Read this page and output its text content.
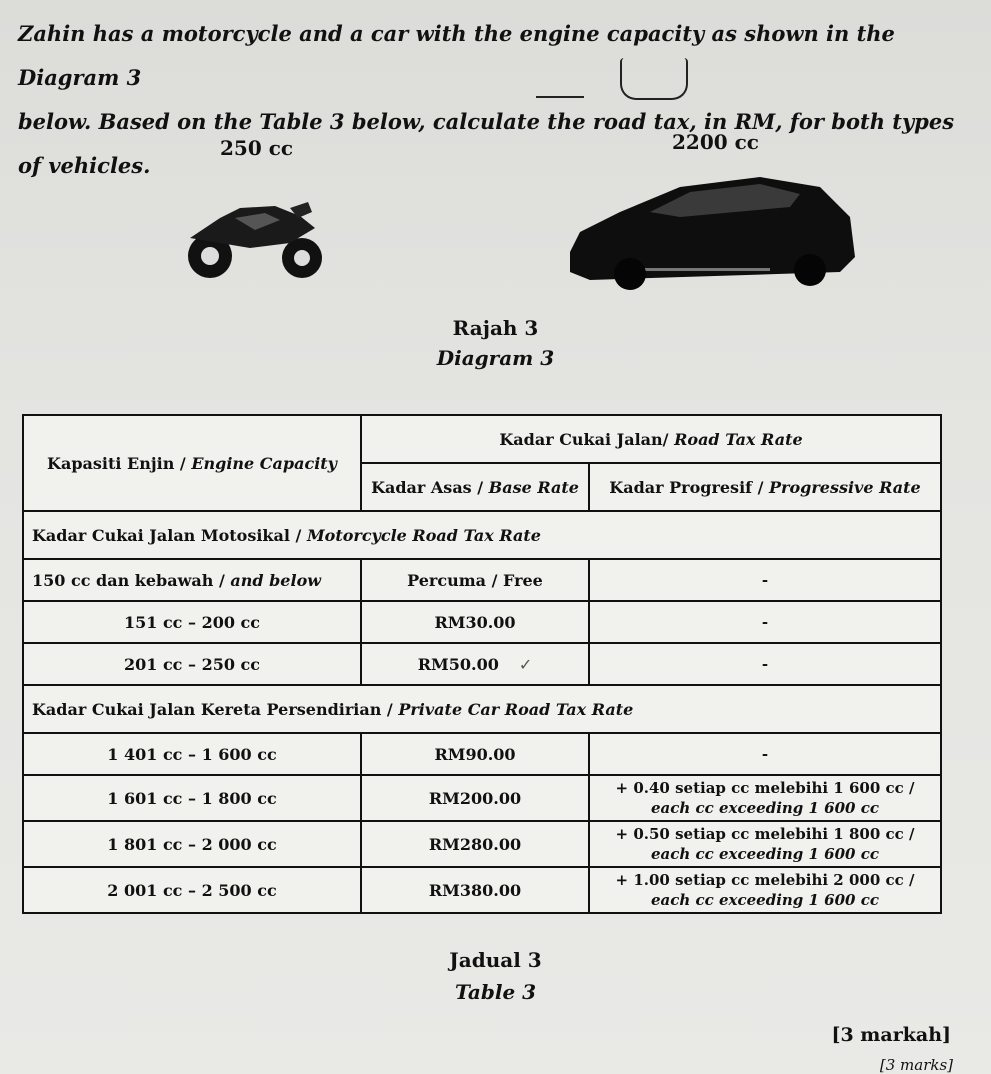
Zahin has a motorcycle and a car with the engine capacity as shown in the Diagram 3
below. Based on the Table 3 below, calculate the road tax, in RM, for both types of vehicles.
250 cc	2200 cc
Rajah 3
Diagram 3
Kapasiti Enjin / Engine Capacity	Kadar Cukai Jalan/ Road Tax Rate	
	Kadar Asas / Base Rate	Kadar Progresif / Progressive Rate
Kadar Cukai Jalan Motosikal / Motorcycle Road Tax Rate		
150 cc dan kebawah / and below	Percuma / Free	-
151 cc – 200 cc	RM30.00	-
201 cc – 250 cc	RM50.00 ✓	-
Kadar Cukai Jalan Kereta Persendirian / Private Car Road Tax Rate		
1 401 cc – 1 600 cc	RM90.00	-
1 601 cc – 1 800 cc	RM200.00	+ 0.40 setiap cc melebihi 1 600 cc /
each cc exceeding 1 600 cc

1 801 cc – 2 000 cc	RM280.00	+ 0.50 setiap cc melebihi 1 800 cc /
each cc exceeding 1 600 cc

2 001 cc – 2 500 cc	RM380.00	+ 1.00 setiap cc melebihi 2 000 cc /
each cc exceeding 1 600 cc
Jadual 3
Table 3
[3 markah]
[3 marks]
